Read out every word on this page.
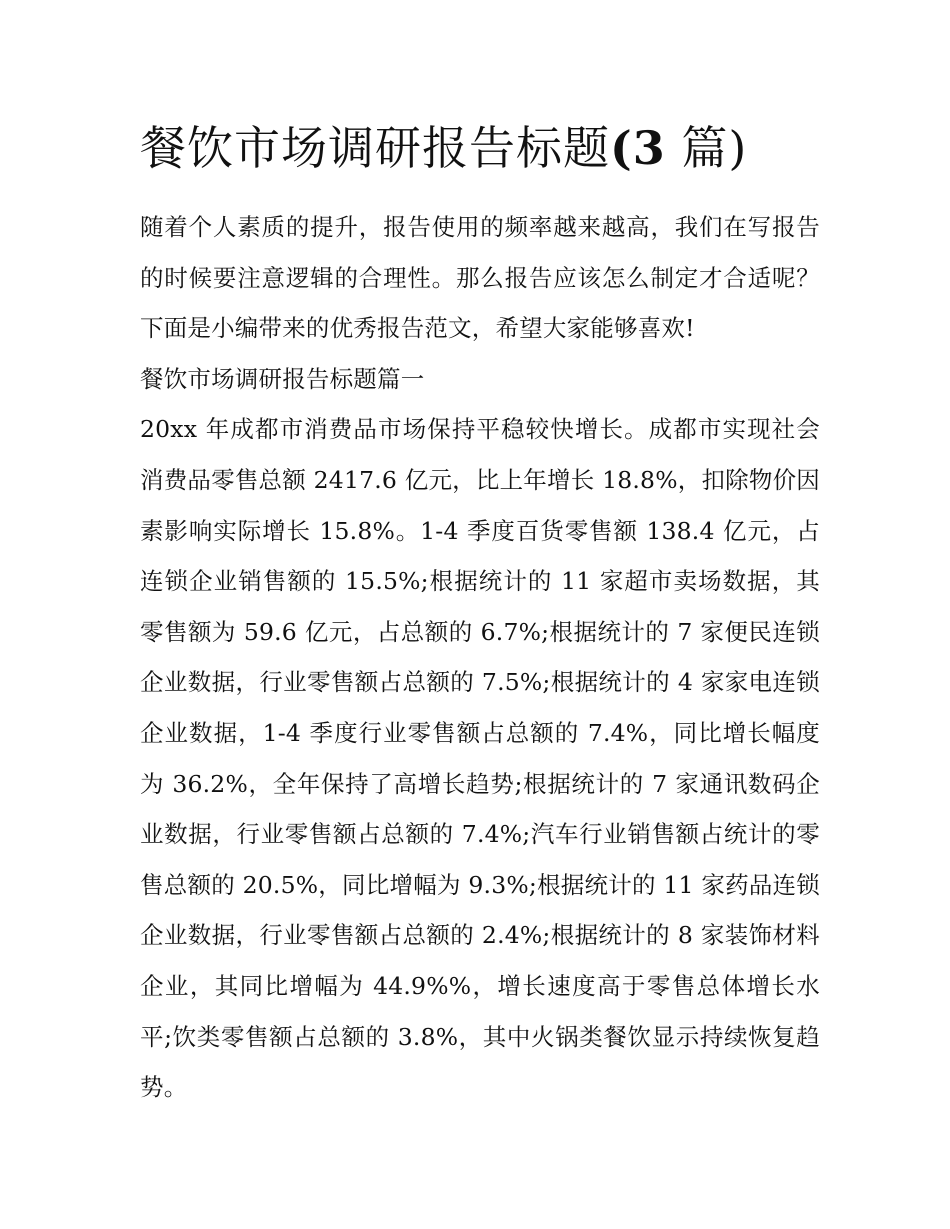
餐饮市场调研报告标题(3 篇)

随着个人素质的提升，报告使用的频率越来越高，我们在写报告的时候要注意逻辑的合理性。那么报告应该怎么制定才合适呢？下面是小编带来的优秀报告范文，希望大家能够喜欢!

餐饮市场调研报告标题篇一

20xx 年成都市消费品市场保持平稳较快增长。成都市实现社会消费品零售总额 2417.6 亿元，比上年增长 18.8%，扣除物价因素影响实际增长 15.8%。1-4 季度百货零售额 138.4 亿元，占连锁企业销售额的 15.5%;根据统计的 11 家超市卖场数据，其零售额为 59.6 亿元，占总额的 6.7%;根据统计的 7 家便民连锁企业数据，行业零售额占总额的 7.5%;根据统计的 4 家家电连锁企业数据，1-4 季度行业零售额占总额的 7.4%，同比增长幅度为 36.2%，全年保持了高增长趋势;根据统计的 7 家通讯数码企业数据，行业零售额占总额的 7.4%;汽车行业销售额占统计的零售总额的 20.5%，同比增幅为 9.3%;根据统计的 11 家药品连锁企业数据，行业零售额占总额的 2.4%;根据统计的 8 家装饰材料企业，其同比增幅为 44.9%%，增长速度高于零售总体增长水平;饮类零售额占总额的 3.8%，其中火锅类餐饮显示持续恢复趋势。
